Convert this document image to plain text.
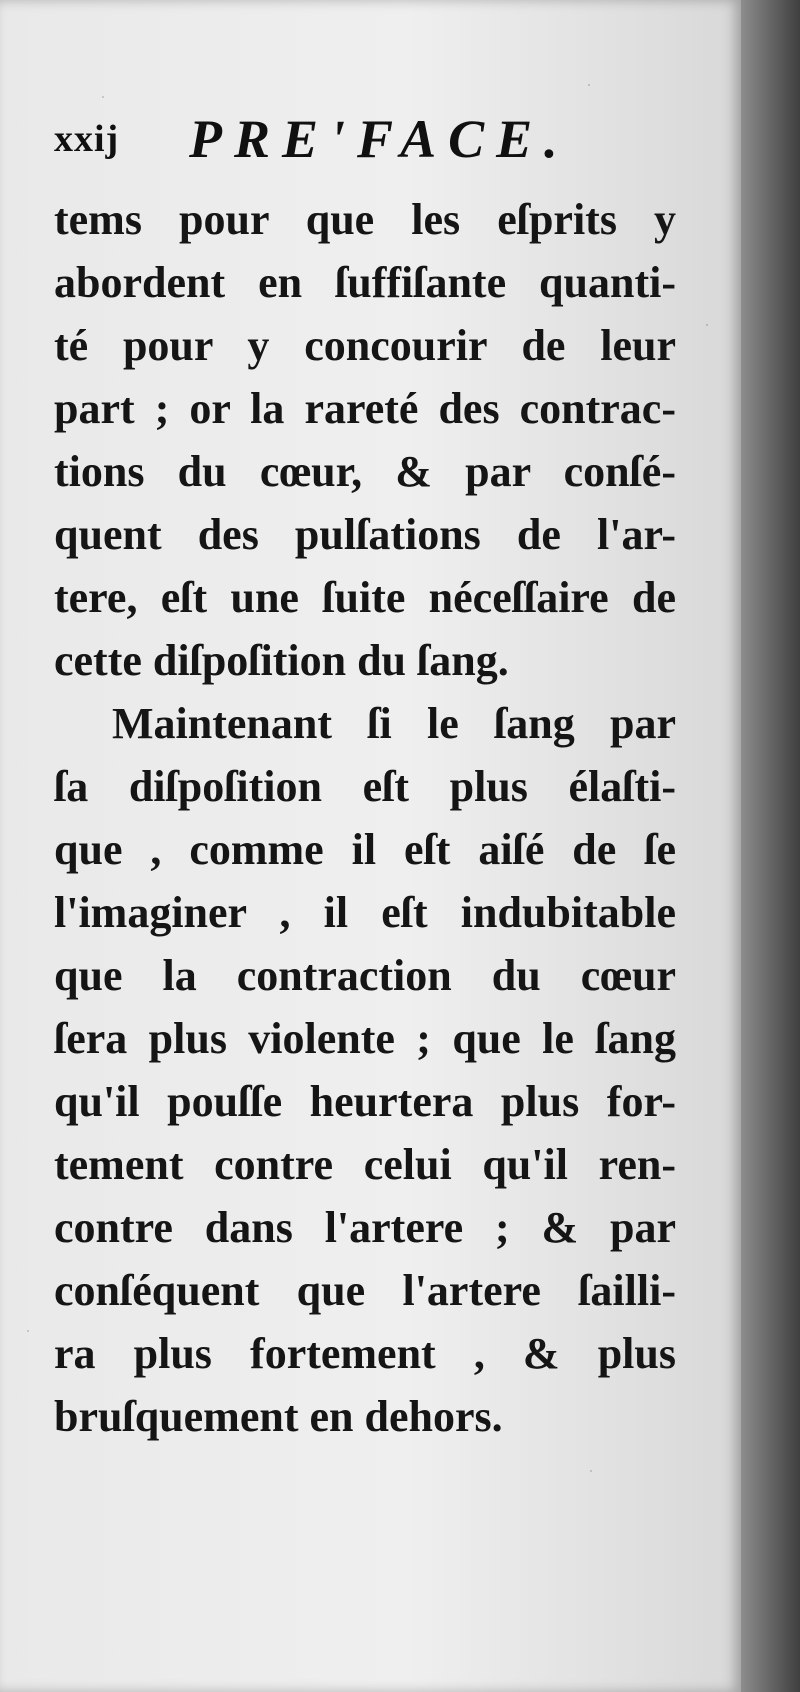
xxij PRE'FACE.
tems pour que les eſprits y
abordent en ſuffiſante quanti-
té pour y concourir de leur
part ; or la rareté des contrac-
tions du cœur, & par conſé-
quent des pulſations de l'ar-
tere, eſt une ſuite néceſſaire de
cette diſpoſition du ſang.
Maintenant ſi le ſang par
ſa diſpoſition eſt plus élaſti-
que , comme il eſt aiſé de ſe
l'imaginer , il eſt indubitable
que la contraction du cœur
ſera plus violente ; que le ſang
qu'il pouſſe heurtera plus for-
tement contre celui qu'il ren-
contre dans l'artere ; & par
conſéquent que l'artere ſailli-
ra plus fortement , & plus
bruſquement en dehors.
